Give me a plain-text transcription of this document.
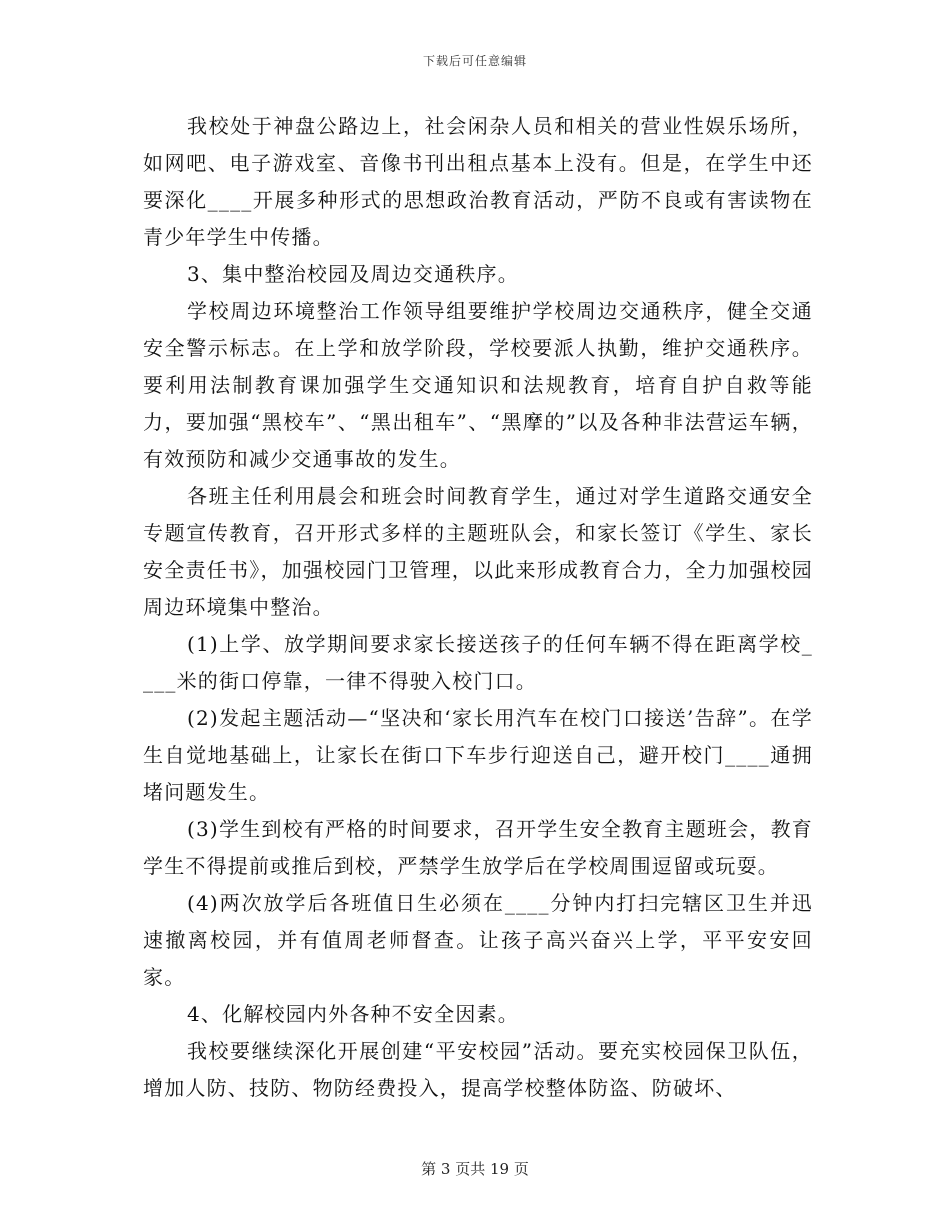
下载后可任意编辑

我校处于神盘公路边上，社会闲杂人员和相关的营业性娱乐场所，如网吧、电子游戏室、音像书刊出租点基本上没有。但是，在学生中还要深化____开展多种形式的思想政治教育活动，严防不良或有害读物在青少年学生中传播。

3、集中整治校园及周边交通秩序。

学校周边环境整治工作领导组要维护学校周边交通秩序，健全交通安全警示标志。在上学和放学阶段，学校要派人执勤，维护交通秩序。要利用法制教育课加强学生交通知识和法规教育，培育自护自救等能力，要加强“黑校车”、“黑出租车”、“黑摩的”以及各种非法营运车辆，有效预防和减少交通事故的发生。

各班主任利用晨会和班会时间教育学生，通过对学生道路交通安全专题宣传教育，召开形式多样的主题班队会，和家长签订《学生、家长安全责任书》，加强校园门卫管理，以此来形成教育合力，全力加强校园周边环境集中整治。

(1)上学、放学期间要求家长接送孩子的任何车辆不得在距离学校____米的街口停靠，一律不得驶入校门口。

(2)发起主题活动—“坚决和‘家长用汽车在校门口接送’告辞”。在学生自觉地基础上，让家长在街口下车步行迎送自己，避开校门____通拥堵问题发生。

(3)学生到校有严格的时间要求，召开学生安全教育主题班会，教育学生不得提前或推后到校，严禁学生放学后在学校周围逗留或玩耍。

(4)两次放学后各班值日生必须在____分钟内打扫完辖区卫生并迅速撤离校园，并有值周老师督查。让孩子高兴奋兴上学，平平安安回家。

4、化解校园内外各种不安全因素。

我校要继续深化开展创建“平安校园”活动。要充实校园保卫队伍，增加人防、技防、物防经费投入，提高学校整体防盗、防破坏、

第 3 页共 19 页
